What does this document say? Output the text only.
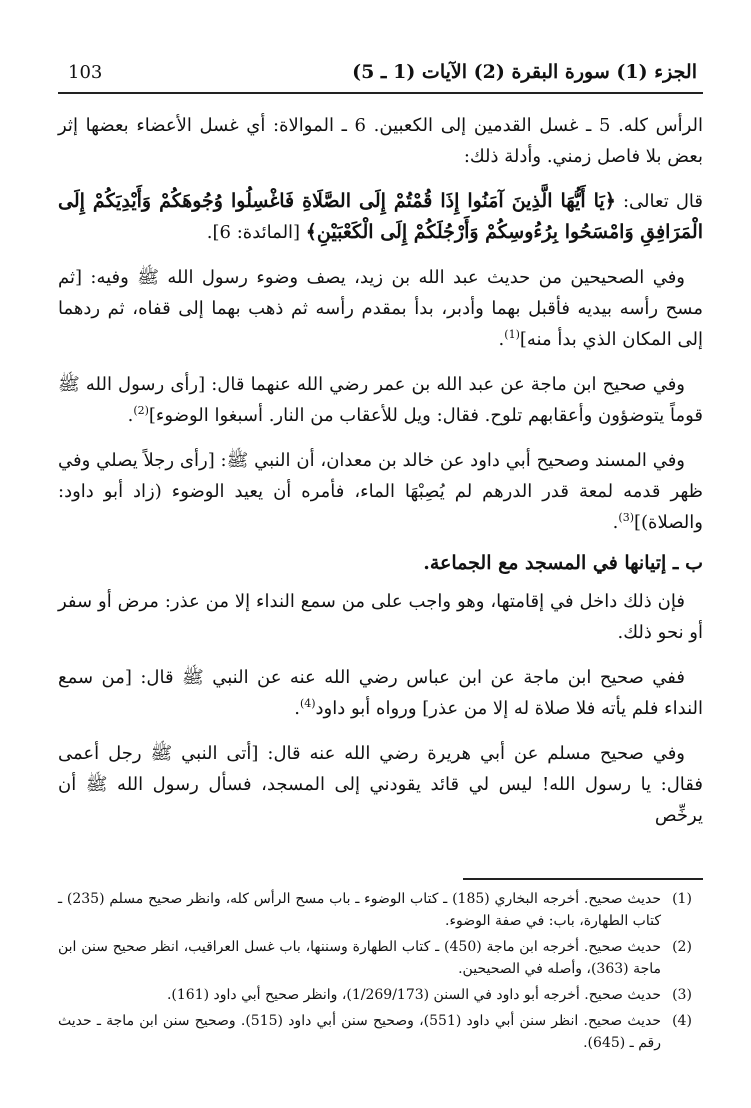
الجزء (1) سورة البقرة (2) الآيات (1 ـ 5)
103

الرأس كله. 5 ـ غسل القدمين إلى الكعبين. 6 ـ الموالاة: أي غسل الأعضاء بعضها إثر بعض بلا فاصل زمني. وأدلة ذلك:

قال تعالى: ﴿يَا أَيُّهَا الَّذِينَ آمَنُوا إِذَا قُمْتُمْ إِلَى الصَّلَاةِ فَاغْسِلُوا وُجُوهَكُمْ وَأَيْدِيَكُمْ إِلَى الْمَرَافِقِ وَامْسَحُوا بِرُءُوسِكُمْ وَأَرْجُلَكُمْ إِلَى الْكَعْبَيْنِ﴾ [المائدة: 6].

وفي الصحيحين من حديث عبد الله بن زيد، يصف وضوء رسول الله ﷺ وفيه: [ثم مسح رأسه بيديه فأقبل بهما وأدبر، بدأ بمقدم رأسه ثم ذهب بهما إلى قفاه، ثم ردهما إلى المكان الذي بدأ منه]$^{(1)}$.

وفي صحيح ابن ماجة عن عبد الله بن عمر رضي الله عنهما قال: [رأى رسول الله ﷺ قوماً يتوضؤون وأعقابهم تلوح. فقال: ويل للأعقاب من النار. أسبغوا الوضوء]$^{(2)}$.

وفي المسند وصحيح أبي داود عن خالد بن معدان، أن النبي ﷺ: [رأى رجلاً يصلي وفي ظهر قدمه لمعة قدر الدرهم لم يُصِبْهَا الماء، فأمره أن يعيد الوضوء (زاد أبو داود: والصلاة)]$^{(3)}$.

ب ـ إتيانها في المسجد مع الجماعة.

فإن ذلك داخل في إقامتها، وهو واجب على من سمع النداء إلا من عذر: مرض أو سفر أو نحو ذلك.

ففي صحيح ابن ماجة عن ابن عباس رضي الله عنه عن النبي ﷺ قال: [من سمع النداء فلم يأته فلا صلاة له إلا من عذر] ورواه أبو داود$^{(4)}$.

وفي صحيح مسلم عن أبي هريرة رضي الله عنه قال: [أتى النبي ﷺ رجل أعمى فقال: يا رسول الله! ليس لي قائد يقودني إلى المسجد، فسأل رسول الله ﷺ أن يرخِّص

(1)
حديث صحيح. أخرجه البخاري (185) ـ كتاب الوضوء ـ باب مسح الرأس كله، وانظر صحيح مسلم (235) ـ كتاب الطهارة، باب: في صفة الوضوء.
(2)
حديث صحيح. أخرجه ابن ماجة (450) ـ كتاب الطهارة وسننها، باب غسل العراقيب، انظر صحيح سنن ابن ماجة (363)، وأصله في الصحيحين.
(3)
حديث صحيح. أخرجه أبو داود في السنن (1/269/173)، وانظر صحيح أبي داود (161).
(4)
حديث صحيح. انظر سنن أبي داود (551)، وصحيح سنن أبي داود (515). وصحيح سنن ابن ماجة ـ حديث رقم ـ (645).
